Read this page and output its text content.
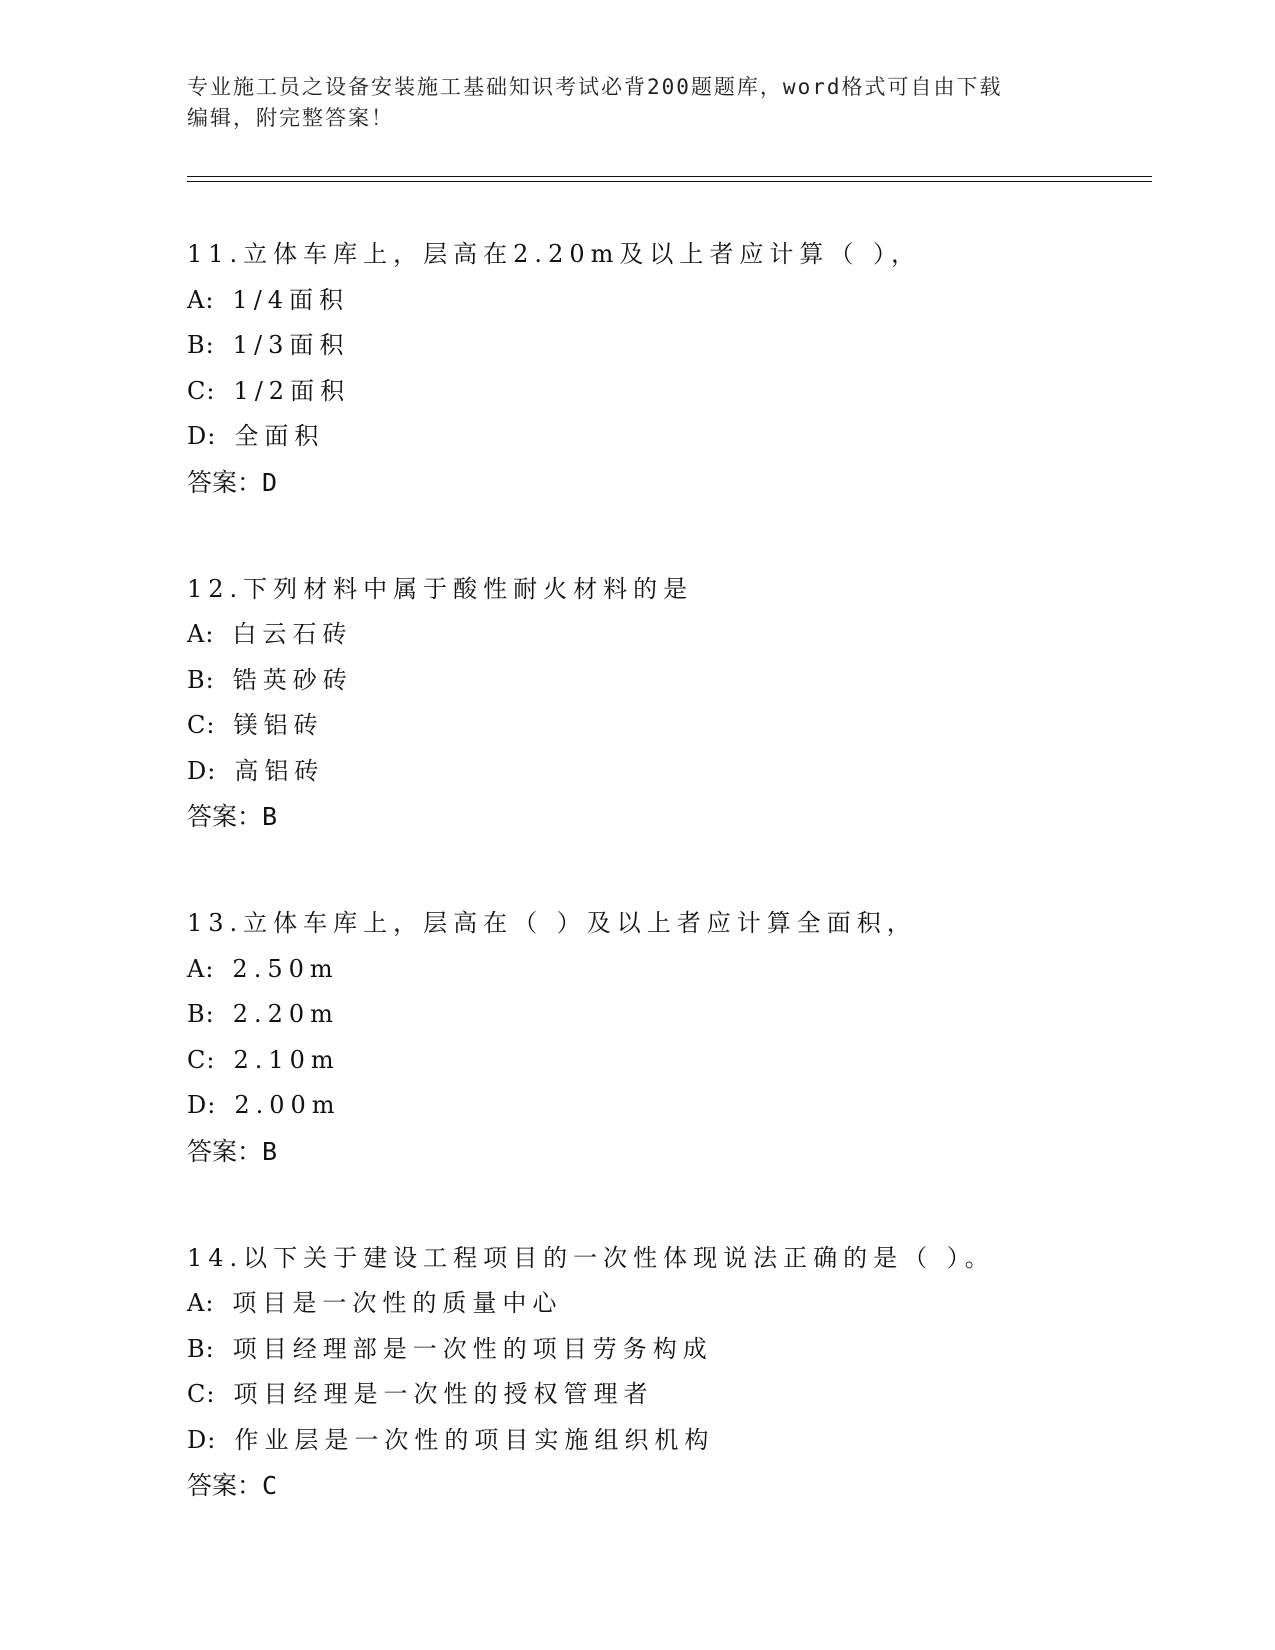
专业施工员之设备安装施工基础知识考试必背200题题库，word格式可自由下载
编辑，附完整答案！
11.立体车库上，层高在2.20m及以上者应计算（ ），
A: 1/4面积
B: 1/3面积
C: 1/2面积
D: 全面积
答案：D
12.下列材料中属于酸性耐火材料的是
A: 白云石砖
B: 锆英砂砖
C: 镁铝砖
D: 高铝砖
答案：B
13.立体车库上，层高在（ ）及以上者应计算全面积，
A: 2.50m
B: 2.20m
C: 2.10m
D: 2.00m
答案：B
14.以下关于建设工程项目的一次性体现说法正确的是（ ）。
A: 项目是一次性的质量中心
B: 项目经理部是一次性的项目劳务构成
C: 项目经理是一次性的授权管理者
D: 作业层是一次性的项目实施组织机构
答案：C
